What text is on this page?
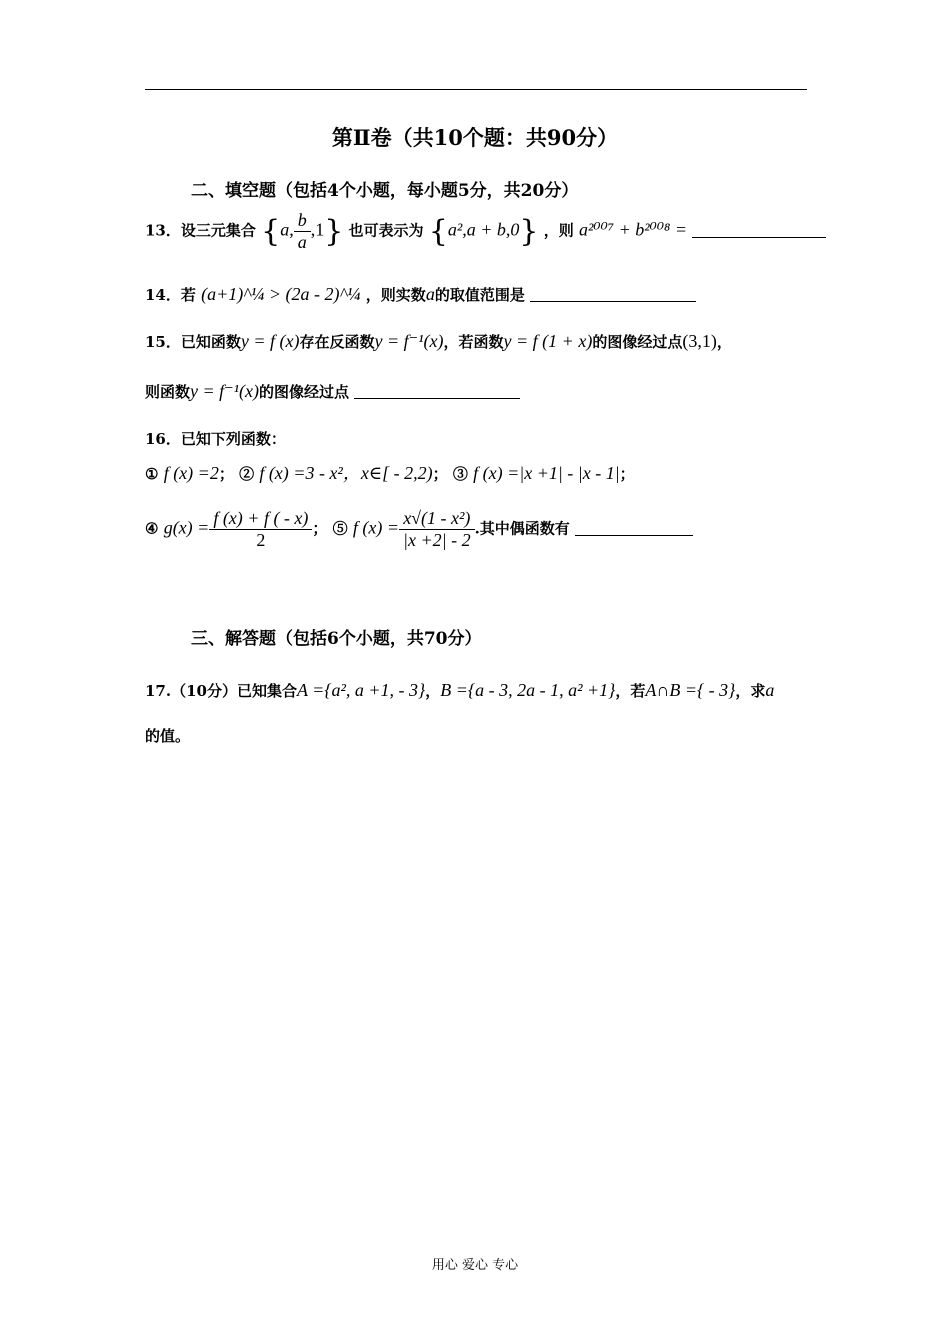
第Ⅱ卷（共10个题：共90分）
二、填空题（包括4个小题，每小题5分，共20分）
13．设三元集合 {a, $\frac{b}{a} ,1$} 也可表示为 {a²,a + b,0} ，则 a²⁰⁰⁷ + b²⁰⁰⁸ =
14．若 (a+1)^¼ > (2a - 2)^¼ ，则实数a的取值范围是
15．已知函数y = f (x)存在反函数y = f⁻¹(x)，若函数y = f (1 + x)的图像经过点(3,1)，
则函数y = f⁻¹(x)的图像经过点
16．已知下列函数：
① f (x) =2； ② f (x) =3 - x²，x∈[ - 2,2)； ③ f (x) =|x +1| - |x - 1|；
④ $g(x) = \frac{f (x) + f ( - x)}{2}$ ； ⑤ f $(x) = \frac{\text{x√(1 - x²)}}{|x +2| - 2}$ .其中偶函数有
三、解答题（包括6个小题，共70分）
17.（10分）已知集合A ={a², a +1, - 3}，B ={a - 3, 2a - 1, a² +1}，若A∩B ={ - 3}，求a
的值。
用心 爱心 专心
